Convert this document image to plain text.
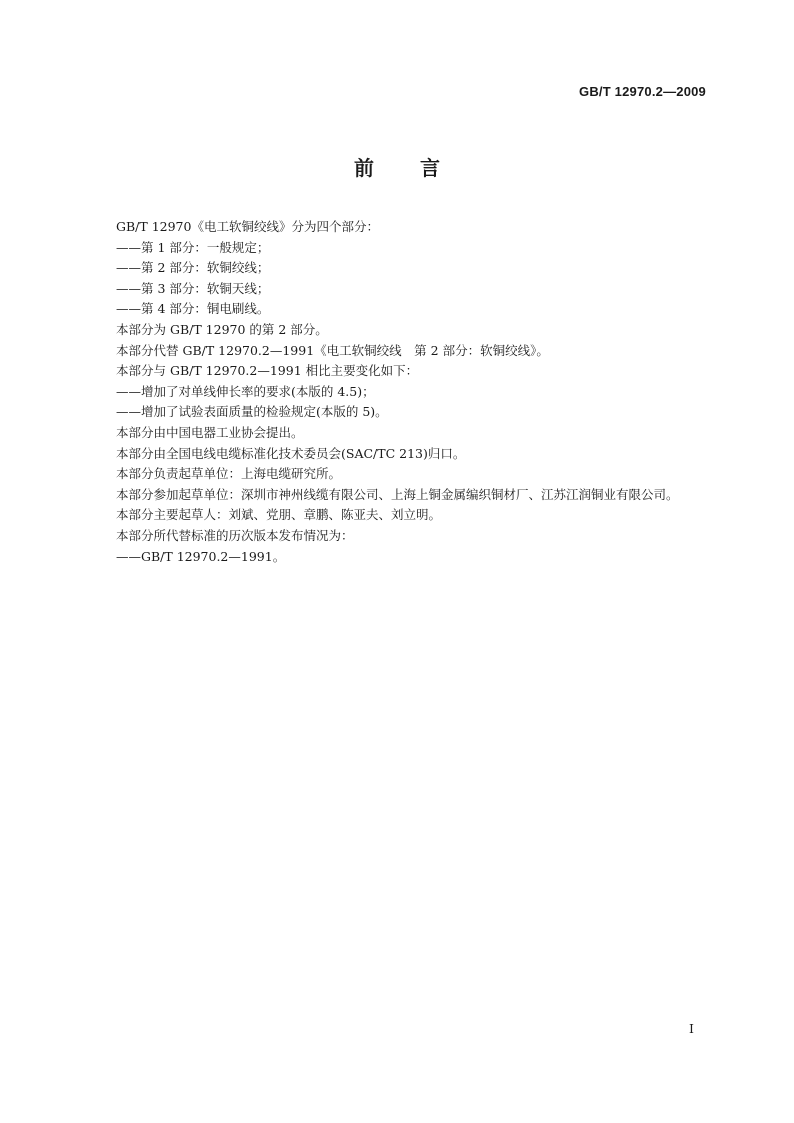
GB/T 12970.2—2009
前言

GB/T 12970《电工软铜绞线》分为四个部分：

——第 1 部分：一般规定；

——第 2 部分：软铜绞线；

——第 3 部分：软铜天线；

——第 4 部分：铜电刷线。

本部分为 GB/T 12970 的第 2 部分。

本部分代替 GB/T 12970.2—1991《电工软铜绞线　第 2 部分：软铜绞线》。

本部分与 GB/T 12970.2—1991 相比主要变化如下：

——增加了对单线伸长率的要求(本版的 4.5)；

——增加了试验表面质量的检验规定(本版的 5)。

本部分由中国电器工业协会提出。

本部分由全国电线电缆标准化技术委员会(SAC/TC 213)归口。

本部分负责起草单位：上海电缆研究所。

本部分参加起草单位：深圳市神州线缆有限公司、上海上铜金属编织铜材厂、江苏江润铜业有限公司。

本部分主要起草人：刘斌、党朋、章鹏、陈亚夫、刘立明。

本部分所代替标准的历次版本发布情况为：

——GB/T 12970.2—1991。

I
